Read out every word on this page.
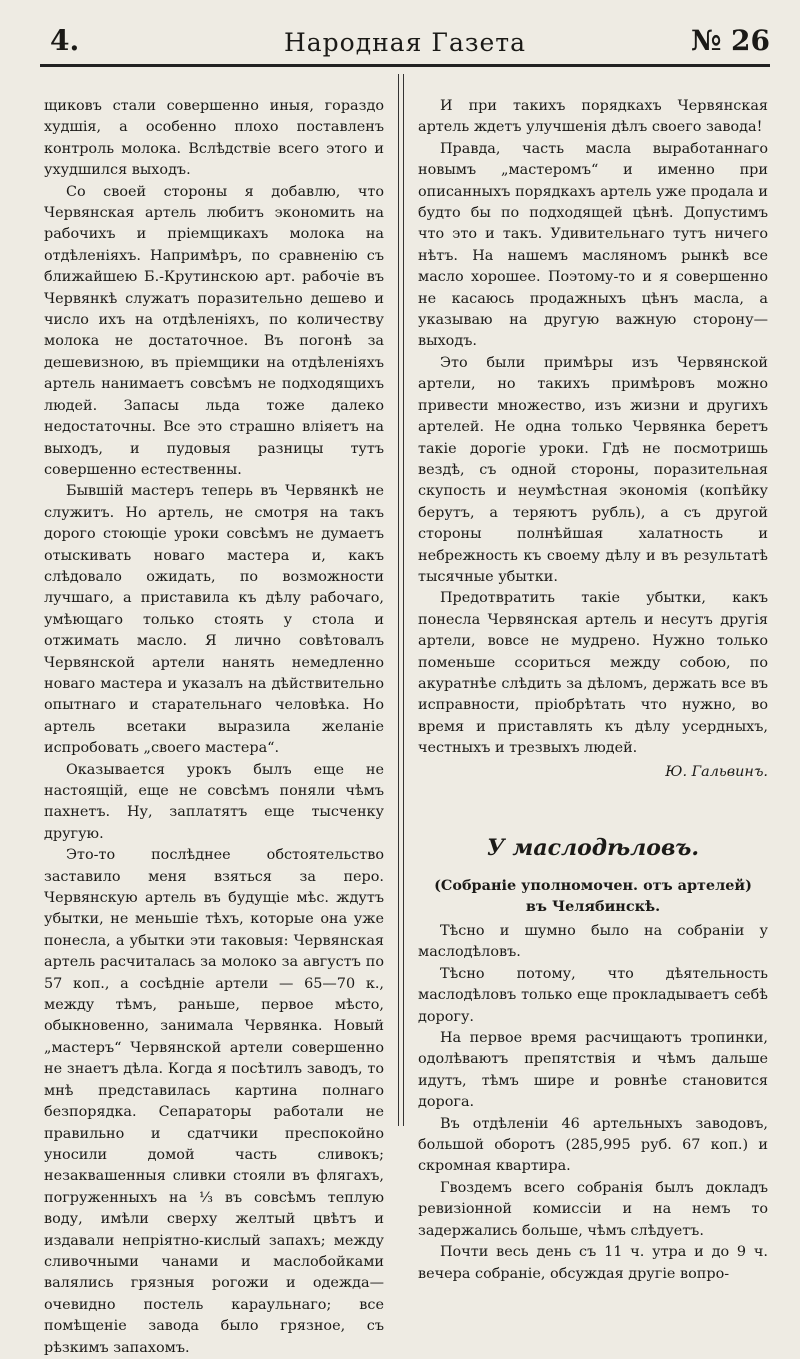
4.	Народная Газета	№ 26

щиковъ стали совершенно иныя, гораздо худшія, а особенно плохо поставленъ контроль молока. Вслѣдствіе всего этого и ухудшился выходъ.

Со своей стороны я добавлю, что Червянская артель любитъ экономить на рабочихъ и пріемщикахъ молока на отдѣленіяхъ. Напримѣръ, по сравненію съ ближайшею Б.-Крутинскою арт. рабочіе въ Червянкѣ служатъ поразительно дешево и число ихъ на отдѣленіяхъ, по количеству молока не достаточное. Въ погонѣ за дешевизною, въ пріемщики на отдѣленіяхъ артель нанимаетъ совсѣмъ не подходящихъ людей. Запасы льда тоже далеко недостаточны. Все это страшно вліяетъ на выходъ, и пудовыя разницы тутъ совершенно естественны.

Бывшій мастеръ теперь въ Червянкѣ не служитъ. Но артель, не смотря на такъ дорого стоющіе уроки совсѣмъ не думаетъ отыскивать новаго мастера и, какъ слѣдовало ожидать, по возможности лучшаго, а приставила къ дѣлу рабочаго, умѣющаго только стоять у стола и отжимать масло. Я лично совѣтовалъ Червянской артели нанять немедленно новаго мастера и указалъ на дѣйствительно опытнаго и старательнаго человѣка. Но артель всетаки выразила желаніе испробовать „своего мастера“.

Оказывается урокъ былъ еще не настоящій, еще не совсѣмъ поняли чѣмъ пахнетъ. Ну, заплатятъ еще тысченку другую.

Это-то послѣднее обстоятельство заставило меня взяться за перо. Червянскую артель въ будущіе мѣс. ждутъ убытки, не меньшіе тѣхъ, которые она уже понесла, а убытки эти таковыя: Червянская артель расчиталась за молоко за августъ по 57 коп., а сосѣдніе артели — 65—70 к., между тѣмъ, раньше, первое мѣсто, обыкновенно, занимала Червянка. Новый „мастеръ“ Червянской артели совершенно не знаетъ дѣла. Когда я посѣтилъ заводъ, то мнѣ представилась картина полнаго безпорядка. Сепараторы работали не правильно и сдатчики преспокойно уносили домой часть сливокъ; незаквашенныя сливки стояли въ флягахъ, погруженныхъ на ⅓ въ совсѣмъ теплую воду, имѣли сверху желтый цвѣтъ и издавали непріятно-кислый запахъ; между сливочными чанами и маслобойками валялись грязныя рогожи и одежда—очевидно постель караульнаго; все помѣщеніе завода было грязное, съ рѣзкимъ запахомъ.

И при такихъ порядкахъ Червянская артель ждетъ улучшенія дѣлъ своего завода!

Правда, часть масла выработаннаго новымъ „мастеромъ“ и именно при описанныхъ порядкахъ артель уже продала и будто бы по подходящей цѣнѣ. Допустимъ что это и такъ. Удивительнаго тутъ ничего нѣтъ. На нашемъ масляномъ рынкѣ все масло хорошее. Поэтому-то и я совершенно не касаюсь продажныхъ цѣнъ масла, а указываю на другую важную сторону—выходъ.

Это были примѣры изъ Червянской артели, но такихъ примѣровъ можно привести множество, изъ жизни и другихъ артелей. Не одна только Червянка беретъ такіе дорогіе уроки. Гдѣ не посмотришь вездѣ, съ одной стороны, поразительная скупость и неумѣстная экономія (копѣйку берутъ, а теряютъ рубль), а съ другой стороны полнѣйшая халатность и небрежность къ своему дѣлу и въ результатѣ тысячные убытки.

Предотвратить такіе убытки, какъ понесла Червянская артель и несутъ другія артели, вовсе не мудрено. Нужно только поменьше ссориться между собою, по акуратнѣе слѣдить за дѣломъ, держать все въ исправности, пріобрѣтать что нужно, во время и приставлять къ дѣлу усердныхъ, честныхъ и трезвыхъ людей.

Ю. Гальвинъ.
У маслодѣловъ.
(Собраніе уполномочен. отъ артелей)
въ Челябинскѣ.

Тѣсно и шумно было на собраніи у маслодѣловъ.

Тѣсно потому, что дѣятельность маслодѣловъ только еще прокладываетъ себѣ дорогу.

На первое время расчищаютъ тропинки, одолѣваютъ препятствія и чѣмъ дальше идутъ, тѣмъ шире и ровнѣе становится дорога.

Въ отдѣленіи 46 артельныхъ заводовъ, большой оборотъ (285,995 руб. 67 коп.) и скромная квартира.

Гвоздемъ всего собранія былъ докладъ ревизіонной комиссіи и на немъ то задержались больше, чѣмъ слѣдуетъ.

Почти весь день съ 11 ч. утра и до 9 ч. вечера собраніе, обсуждая другіе вопро-
